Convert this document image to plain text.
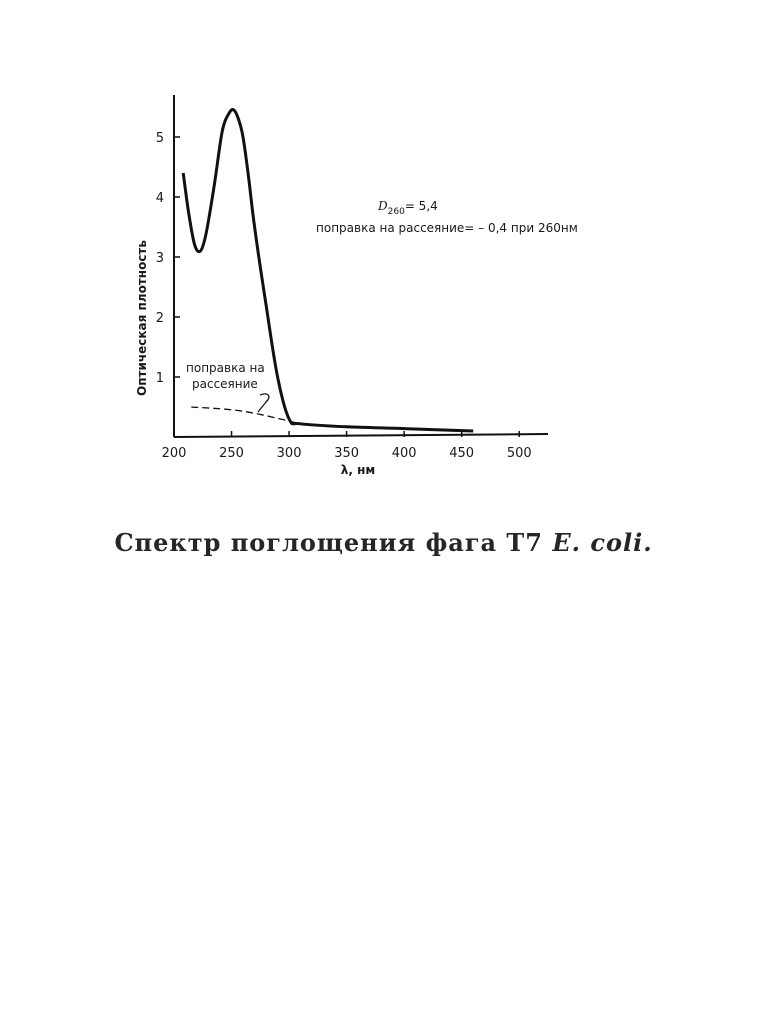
200	250	300	350	400	450	500
1
2
3
4
5
Оптическая плотность
λ, нм
$D_{260}= 5,4$
поправка на рассеяние= – 0,4 при 260нм
поправка на
рассеяние
Спектр поглощения фага Т7 E. coli.
